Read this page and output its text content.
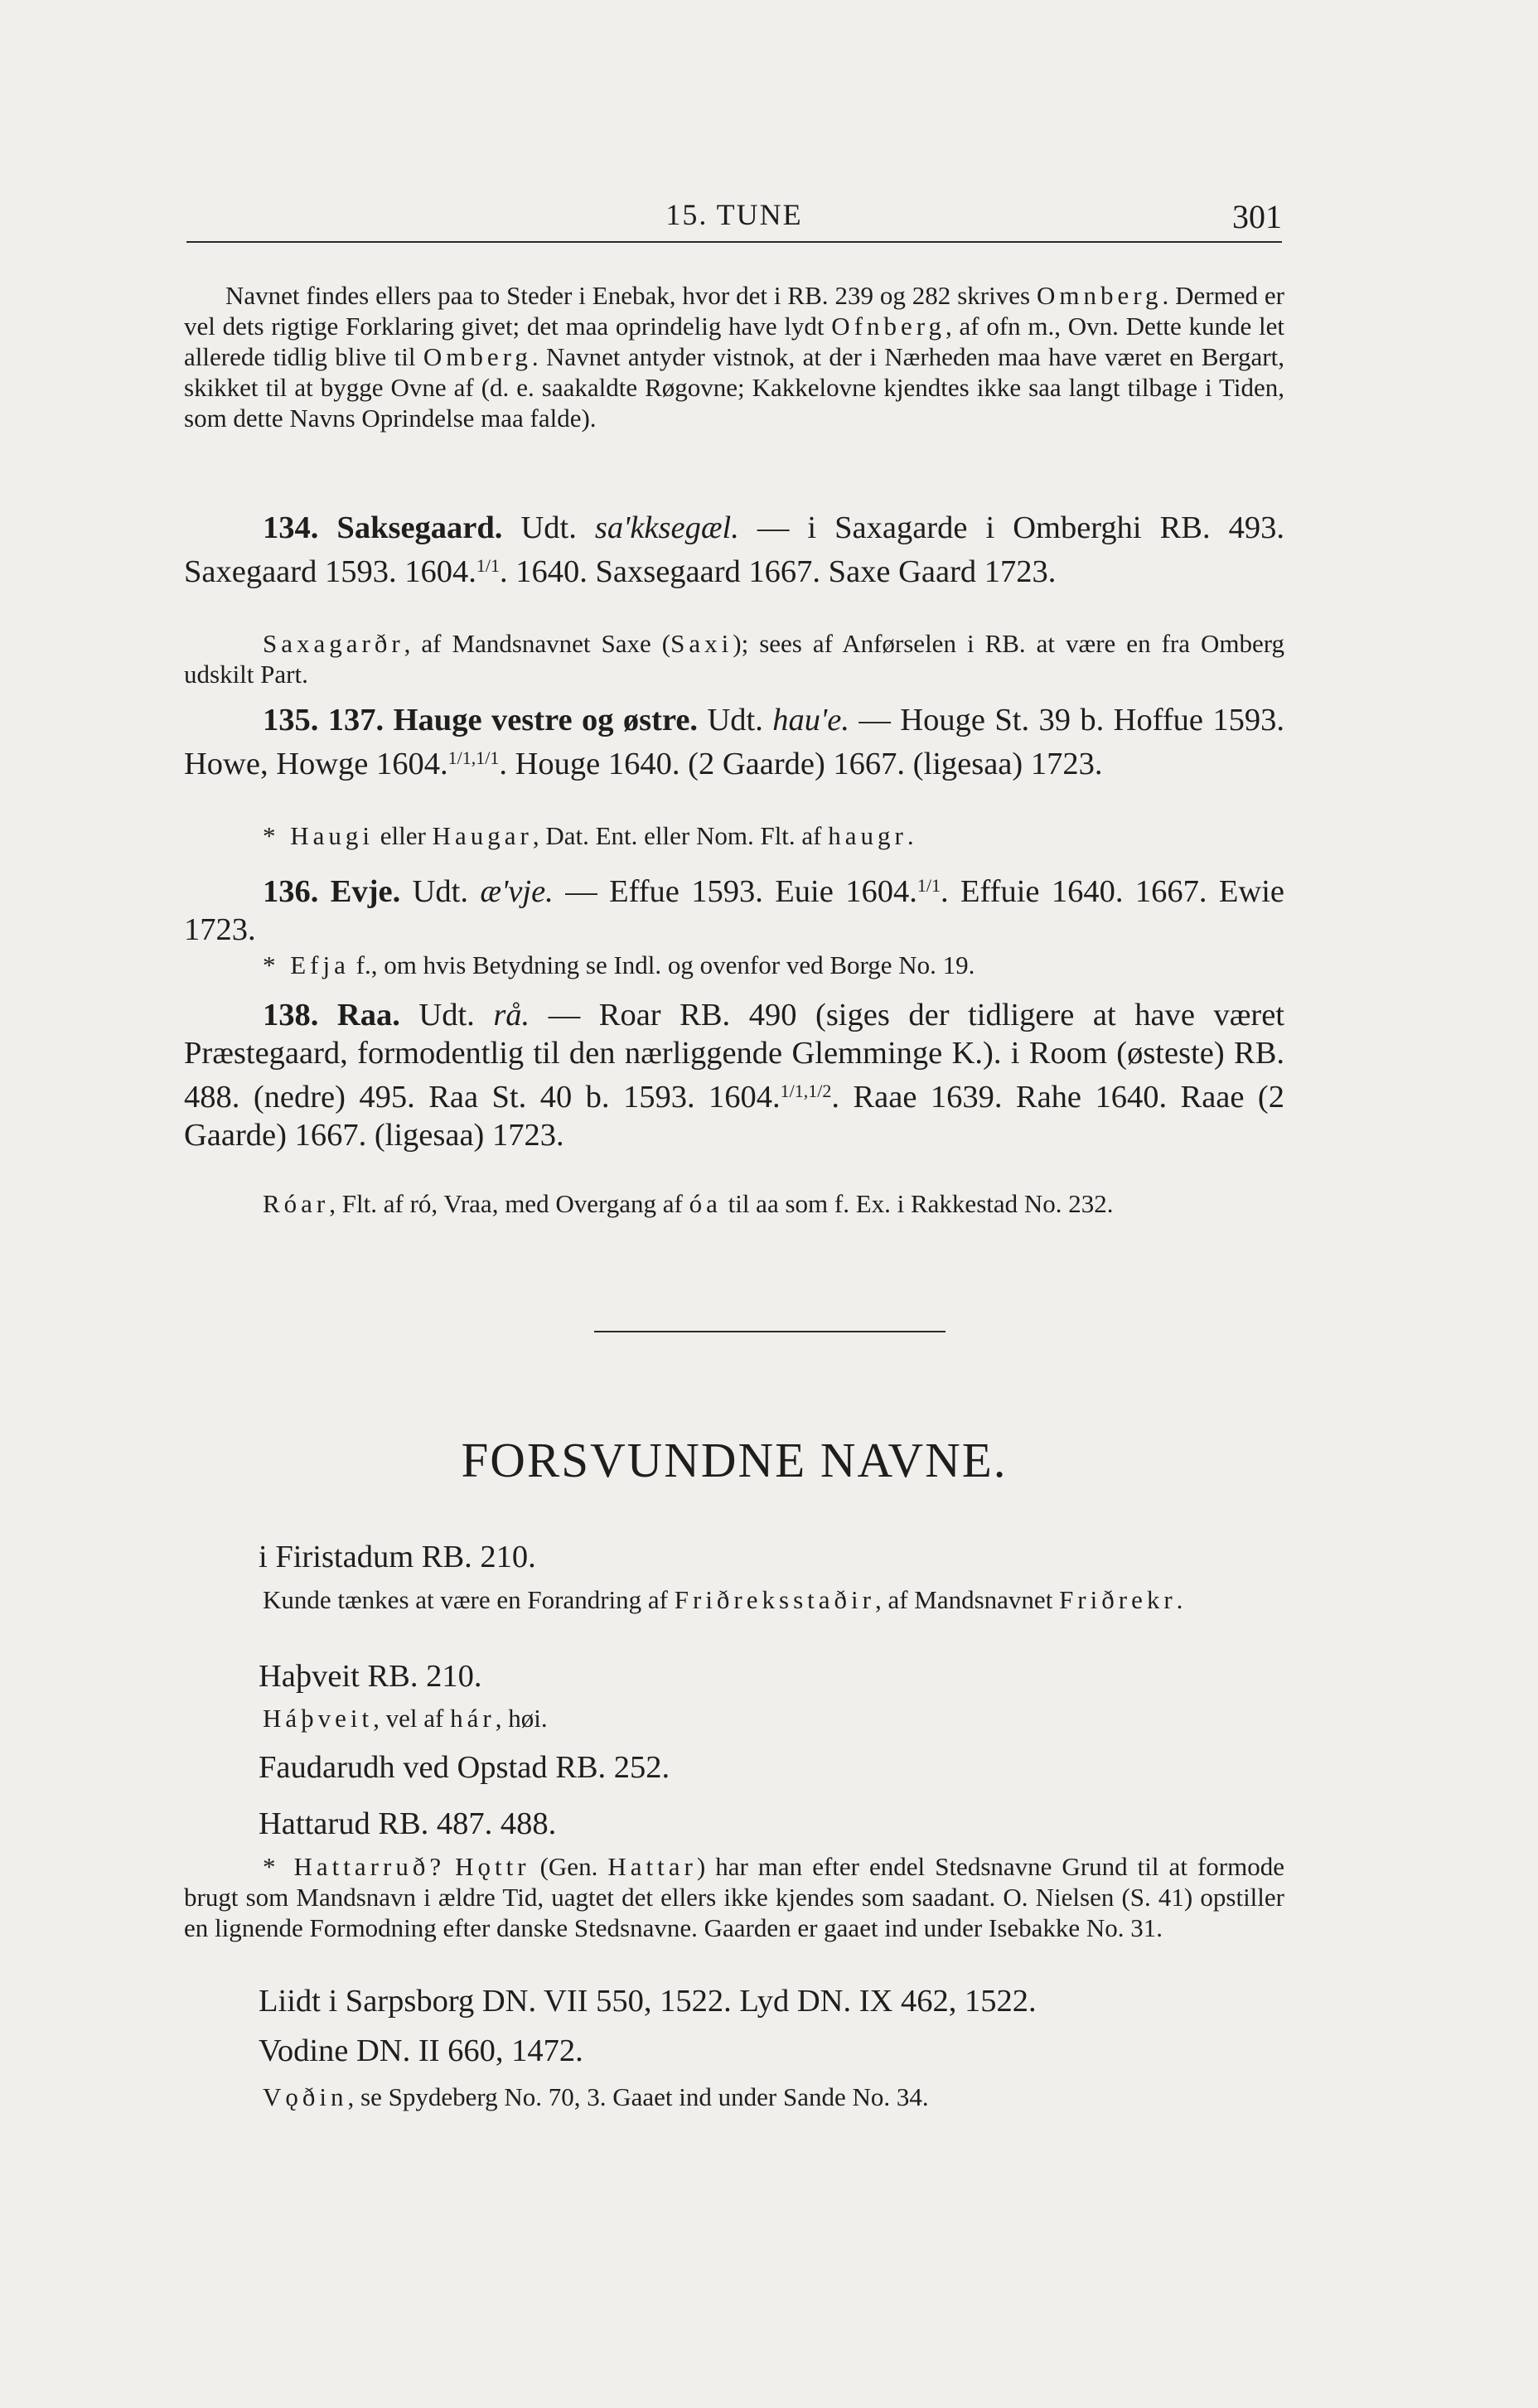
15. TUNE	301
Navnet findes ellers paa to Steder i Enebak, hvor det i RB. 239 og 282 skrives Omnberg. Dermed er vel dets rigtige Forklaring givet; det maa oprindelig have lydt Ofnberg, af ofn m., Ovn. Dette kunde let allerede tidlig blive til Omberg. Navnet antyder vistnok, at der i Nærheden maa have været en Bergart, skikket til at bygge Ovne af (d. e. saakaldte Røgovne; Kakkelovne kjendtes ikke saa langt tilbage i Tiden, som dette Navns Oprindelse maa falde).
134. Saksegaard. Udt. sa'kksegæl. — i Saxagarde i Omberghi RB. 493. Saxegaard 1593. 1604.$^{1/1}$. 1640. Saxsegaard 1667. Saxe Gaard 1723.
Saxagarðr, af Mandsnavnet Saxe (Saxi); sees af Anførselen i RB. at være en fra Omberg udskilt Part.
135. 137. Hauge vestre og østre. Udt. hau'e. — Houge St. 39 b. Hoffue 1593. Howe, Howge 1604.$^{1/1,1/1}$. Houge 1640. (2 Gaarde) 1667. (ligesaa) 1723.
* Haugi eller Haugar, Dat. Ent. eller Nom. Flt. af haugr.
136. Evje. Udt. æ'vje. — Effue 1593. Euie 1604.$^{1/1}$. Effuie 1640. 1667. Ewie 1723.
* Efja f., om hvis Betydning se Indl. og ovenfor ved Borge No. 19.
138. Raa. Udt. rå. — Roar RB. 490 (siges der tidligere at have været Præstegaard, formodentlig til den nærliggende Glemminge K.). i Room (østeste) RB. 488. (nedre) 495. Raa St. 40 b. 1593. 1604.$^{1/1,1/2}$. Raae 1639. Rahe 1640. Raae (2 Gaarde) 1667. (ligesaa) 1723.
Róar, Flt. af ró, Vraa, med Overgang af óa til aa som f. Ex. i Rakkestad No. 232.
FORSVUNDNE NAVNE.
i Firistadum RB. 210.
Kunde tænkes at være en Forandring af Friðreksstaðir, af Mandsnavnet Friðrekr.
Haþveit RB. 210.
Háþveit, vel af hár, høi.
Faudarudh ved Opstad RB. 252.
Hattarud RB. 487. 488.
* Hattarruð? Hǫttr (Gen. Hattar) har man efter endel Stedsnavne Grund til at formode brugt som Mandsnavn i ældre Tid, uagtet det ellers ikke kjendes som saadant. O. Nielsen (S. 41) opstiller en lignende Formodning efter danske Stedsnavne. Gaarden er gaaet ind under Isebakke No. 31.
Liidt i Sarpsborg DN. VII 550, 1522. Lyd DN. IX 462, 1522.
Vodine DN. II 660, 1472.
Vǫðin, se Spydeberg No. 70, 3. Gaaet ind under Sande No. 34.
